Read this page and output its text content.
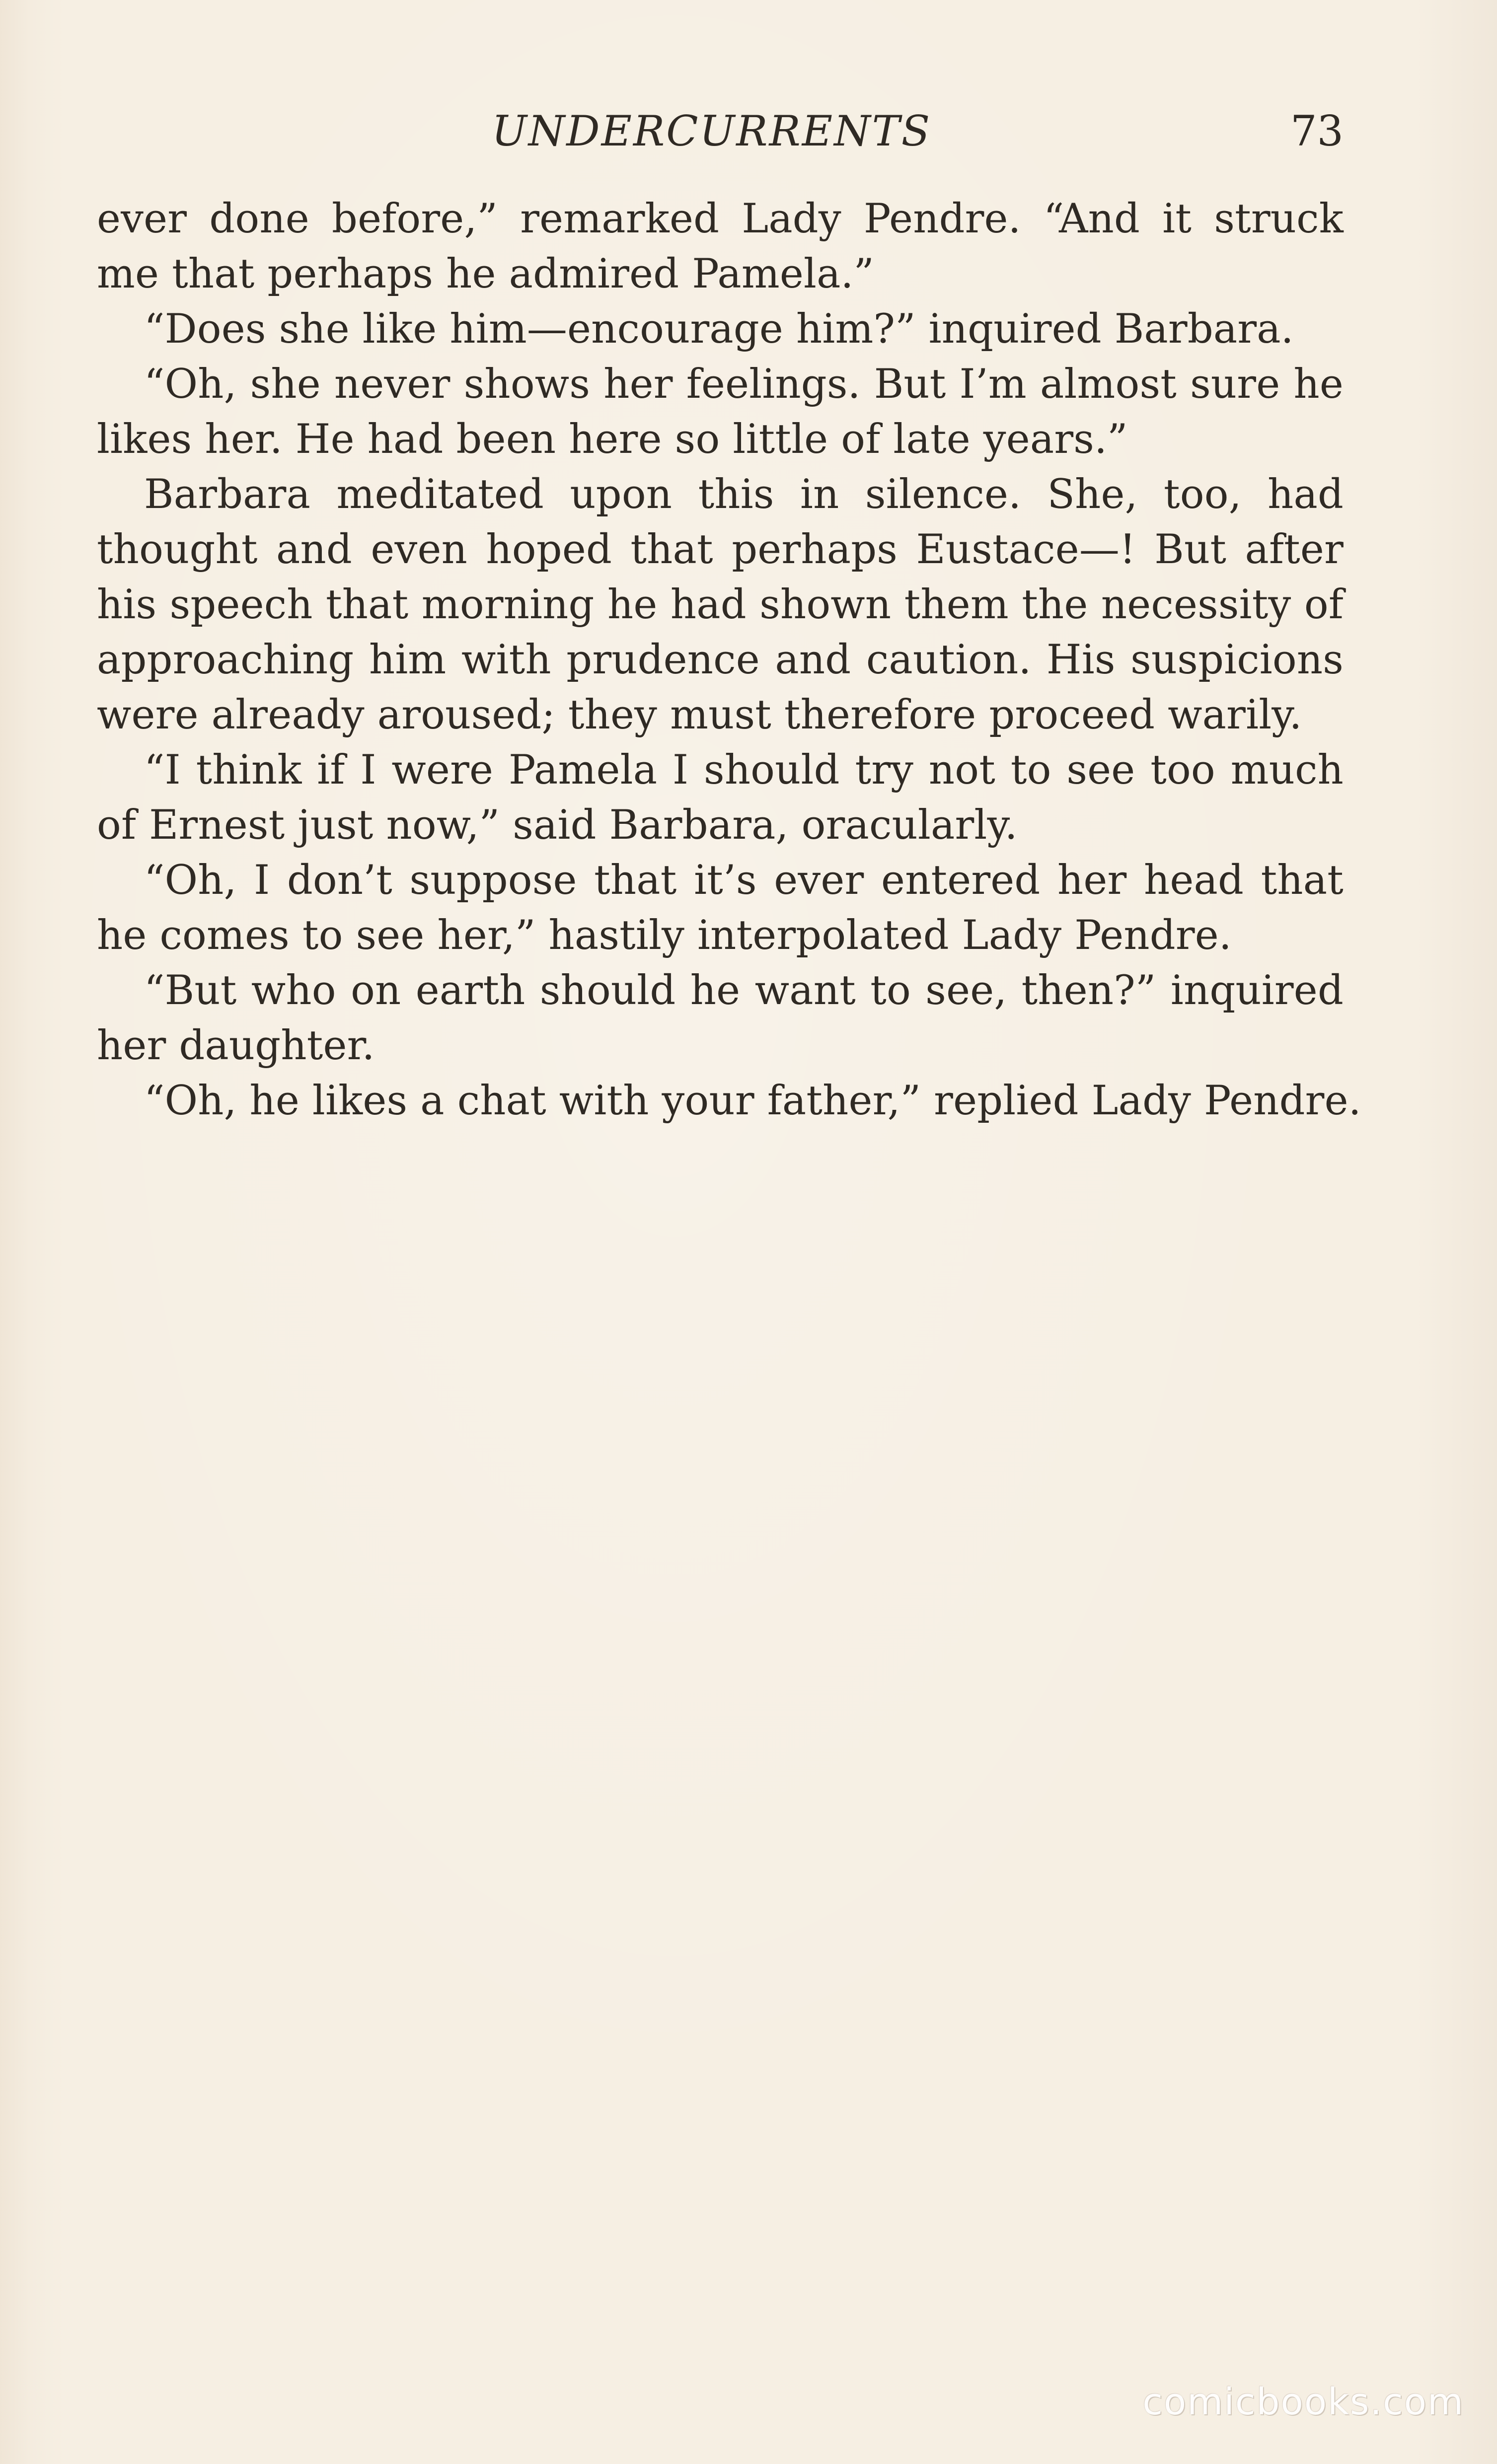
UNDERCURRENTS	73
ever done before,” remarked Lady Pendre. “And it struck
me that perhaps he admired Pamela.”
“Does she like him—encourage him?” inquired Barbara.
“Oh, she never shows her feelings. But I’m almost sure he
likes her. He had been here so little of late years.”
Barbara meditated upon this in silence. She, too, had
thought and even hoped that perhaps Eustace—! But after
his speech that morning he had shown them the necessity of
approaching him with prudence and caution. His suspicions
were already aroused; they must therefore proceed warily.
“I think if I were Pamela I should try not to see too much
of Ernest just now,” said Barbara, oracularly.
“Oh, I don’t suppose that it’s ever entered her head that
he comes to see her,” hastily interpolated Lady Pendre.
“But who on earth should he want to see, then?” inquired
her daughter.
“Oh, he likes a chat with your father,” replied Lady Pendre.
comicbooks.com
